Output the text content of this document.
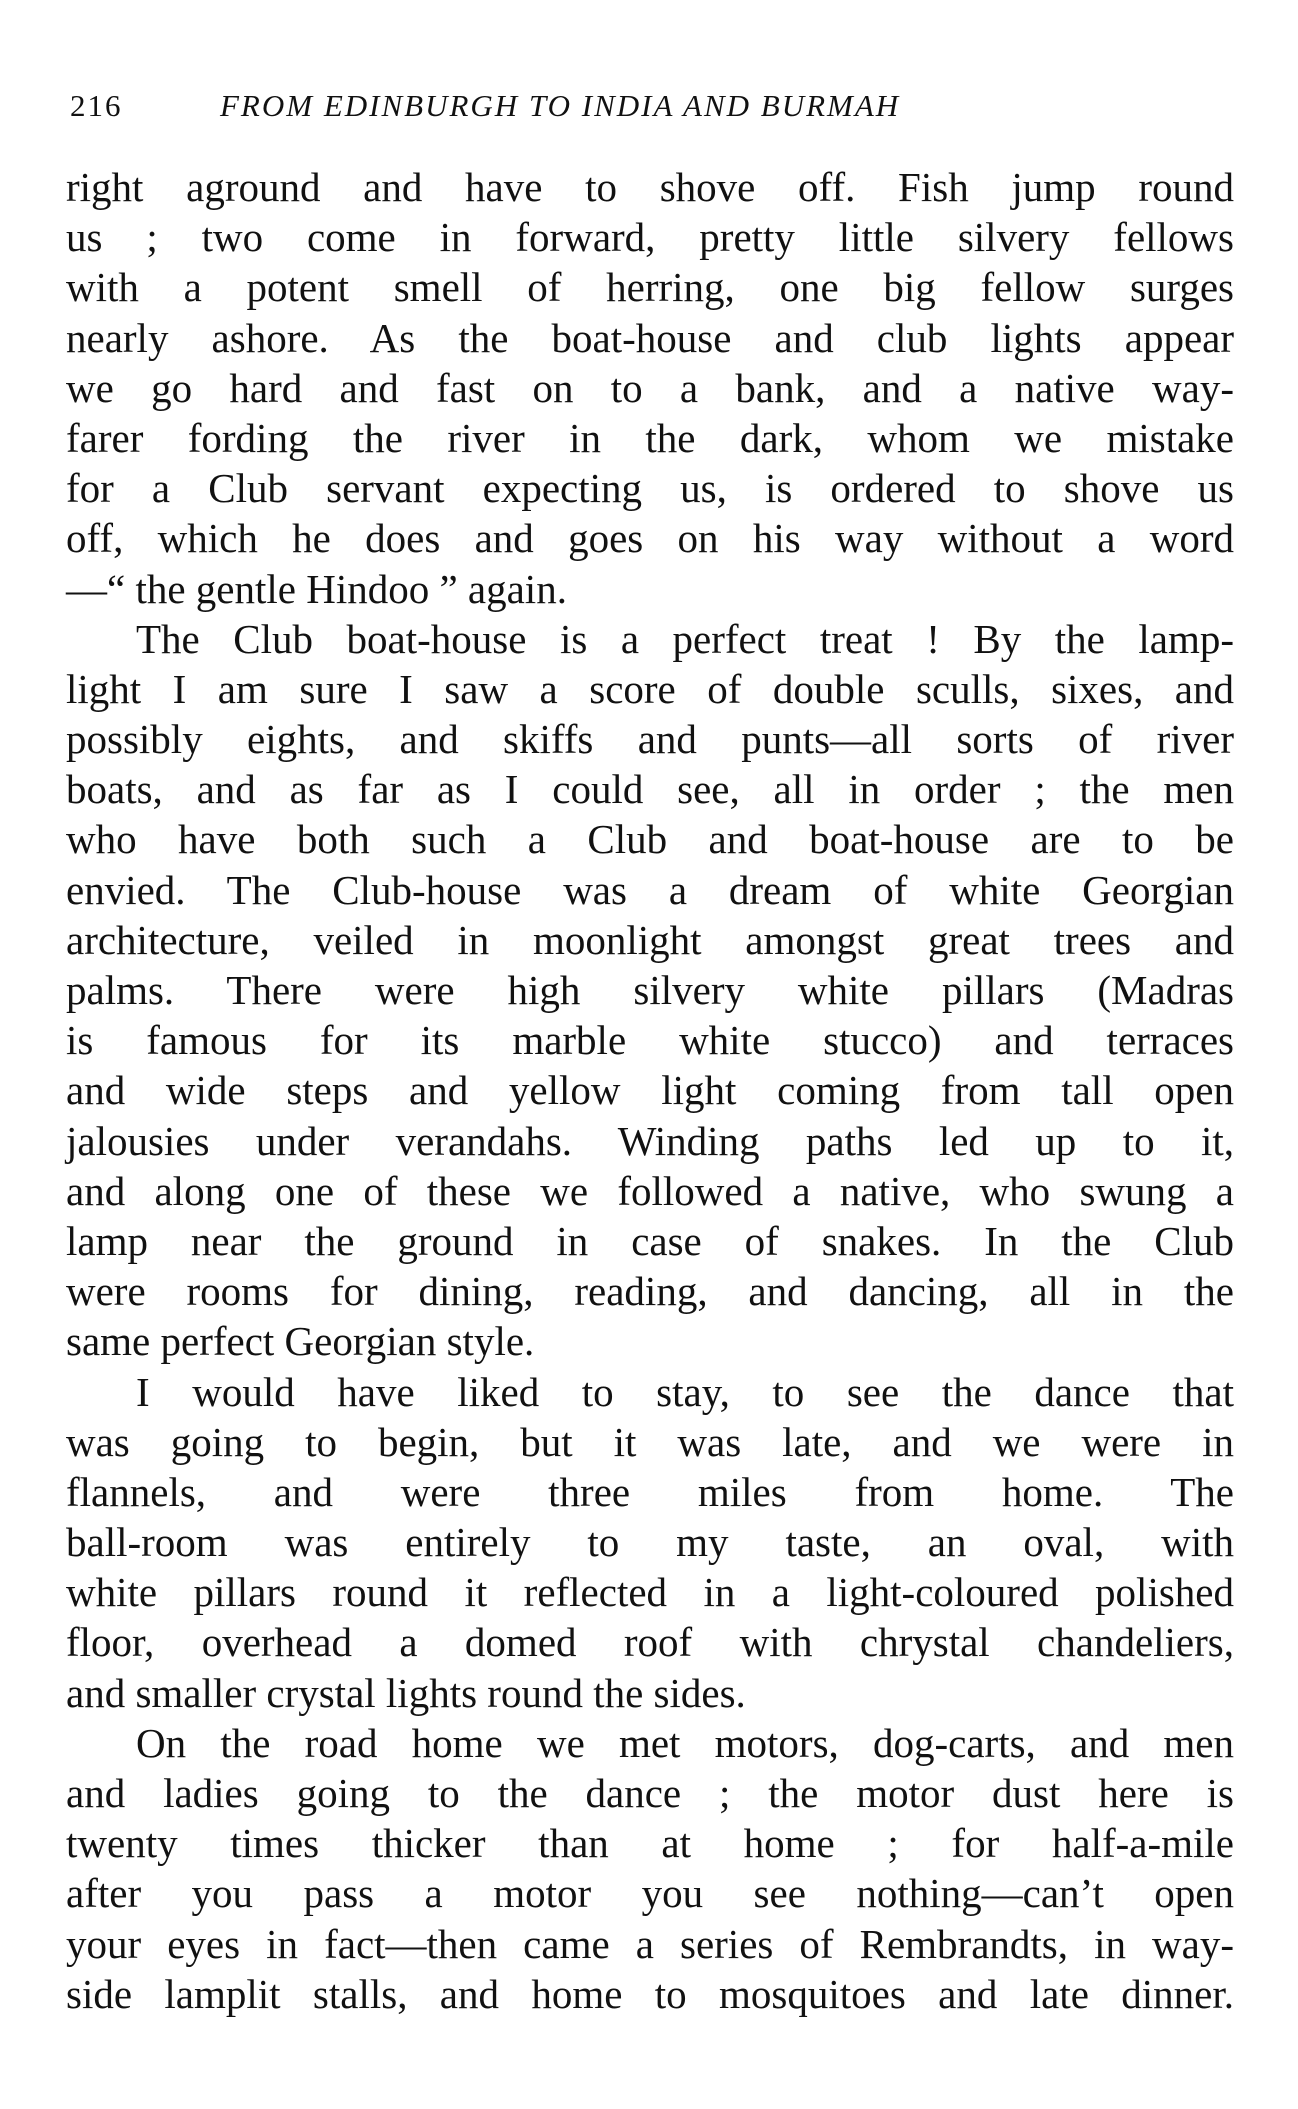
216	FROM EDINBURGH TO INDIA AND BURMAH
right aground and have to shove off. Fish jump round
us ; two come in forward, pretty little silvery fellows
with a potent smell of herring, one big fellow surges
nearly ashore. As the boat-house and club lights appear
we go hard and fast on to a bank, and a native way-
farer fording the river in the dark, whom we mistake
for a Club servant expecting us, is ordered to shove us
off, which he does and goes on his way without a word
—“ the gentle Hindoo ” again.
The Club boat-house is a perfect treat ! By the lamp-
light I am sure I saw a score of double sculls, sixes, and
possibly eights, and skiffs and punts—all sorts of river
boats, and as far as I could see, all in order ; the men
who have both such a Club and boat-house are to be
envied. The Club-house was a dream of white Georgian
architecture, veiled in moonlight amongst great trees and
palms. There were high silvery white pillars (Madras
is famous for its marble white stucco) and terraces
and wide steps and yellow light coming from tall open
jalousies under verandahs. Winding paths led up to it,
and along one of these we followed a native, who swung a
lamp near the ground in case of snakes. In the Club
were rooms for dining, reading, and dancing, all in the
same perfect Georgian style.
I would have liked to stay, to see the dance that
was going to begin, but it was late, and we were in
flannels, and were three miles from home. The
ball-room was entirely to my taste, an oval, with
white pillars round it reflected in a light-coloured polished
floor, overhead a domed roof with chrystal chandeliers,
and smaller crystal lights round the sides.
On the road home we met motors, dog-carts, and men
and ladies going to the dance ; the motor dust here is
twenty times thicker than at home ; for half-a-mile
after you pass a motor you see nothing—can’t open
your eyes in fact—then came a series of Rembrandts, in way-
side lamplit stalls, and home to mosquitoes and late dinner.
